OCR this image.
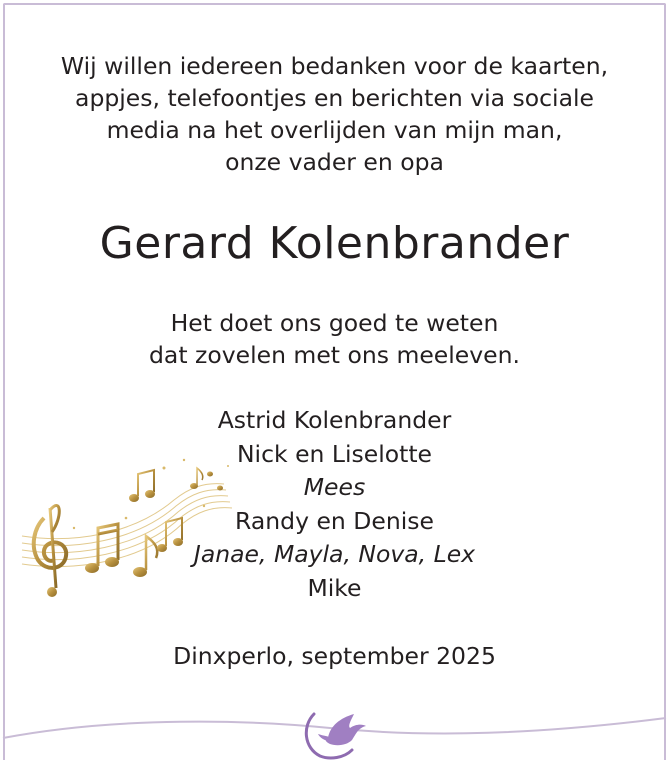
Wij willen iedereen bedanken voor de kaarten,
appjes, telefoontjes en berichten via sociale
media na het overlijden van mijn man,
onze vader en opa

Gerard Kolenbrander

Het doet ons goed te weten
dat zovelen met ons meeleven.

Astrid Kolenbrander
Nick en Liselotte
Mees
Randy en Denise
Janae, Mayla, Nova, Lex
Mike

Dinxperlo, september 2025
